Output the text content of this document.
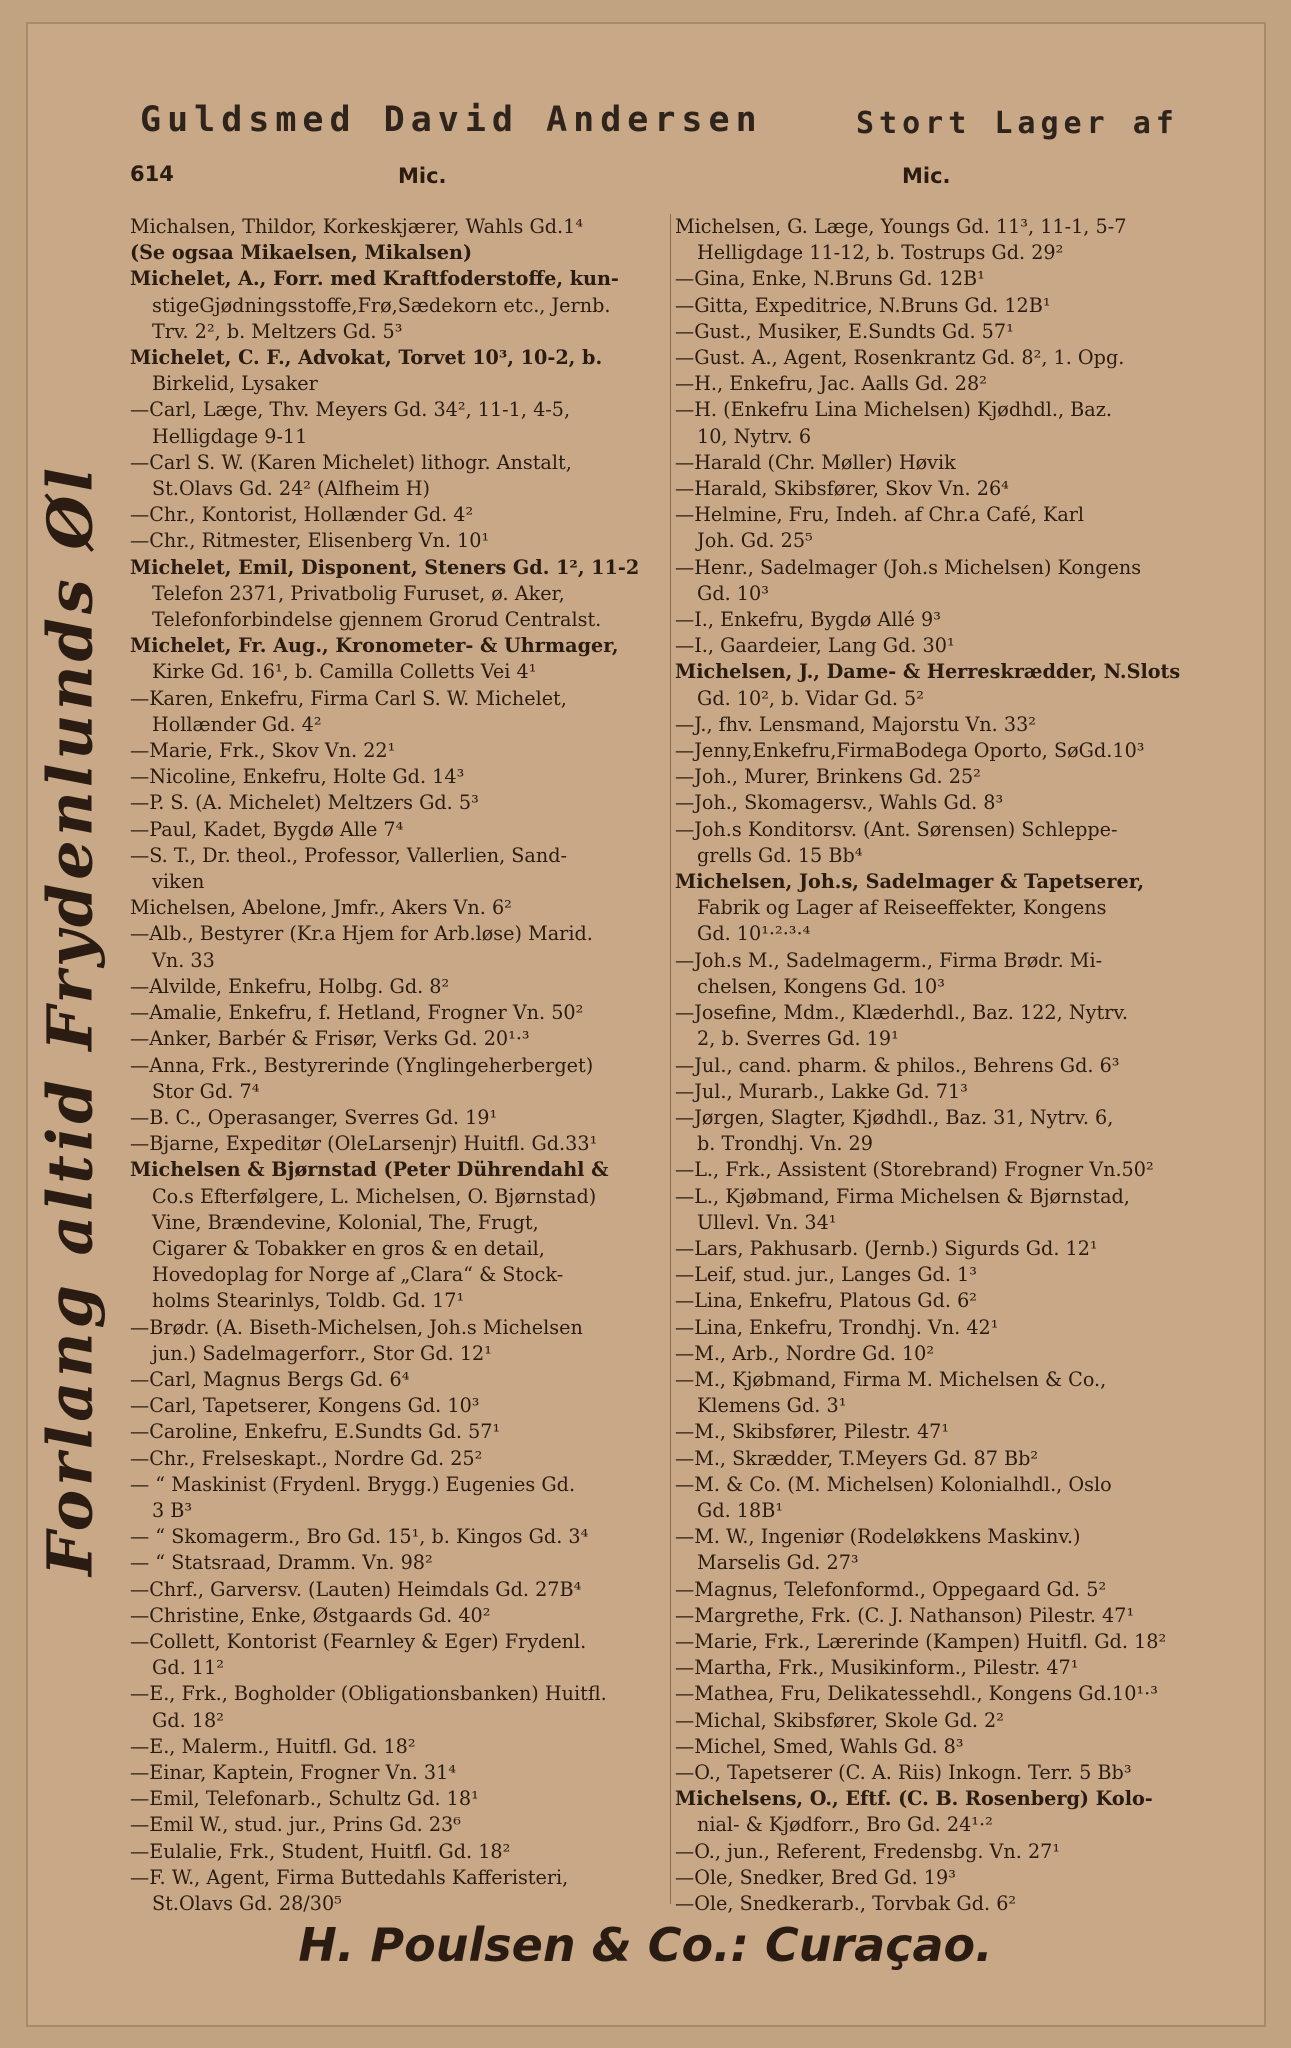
Guldsmed David Andersen	Stort Lager af
614	Mic.	Mic.
Forlang altid Frydenlunds Øl
Michalsen, Thildor, Korkeskjærer, Wahls Gd.1⁴
(Se ogsaa Mikaelsen, Mikalsen)
Michelet, A., Forr. med Kraftfoderstoffe, kun-
stigeGjødningsstoffe,Frø,Sædekorn etc., Jernb.
Trv. 2², b. Meltzers Gd. 5³
Michelet, C. F., Advokat, Torvet 10³, 10-2, b.
Birkelid, Lysaker
—Carl, Læge, Thv. Meyers Gd. 34², 11-1, 4-5,
Helligdage 9-11
—Carl S. W. (Karen Michelet) lithogr. Anstalt,
St.Olavs Gd. 24² (Alfheim H)
—Chr., Kontorist, Hollænder Gd. 4²
—Chr., Ritmester, Elisenberg Vn. 10¹
Michelet, Emil, Disponent, Steners Gd. 1², 11-2
Telefon 2371, Privatbolig Furuset, ø. Aker,
Telefonforbindelse gjennem Grorud Centralst.
Michelet, Fr. Aug., Kronometer- & Uhrmager,
Kirke Gd. 16¹, b. Camilla Colletts Vei 4¹
—Karen, Enkefru, Firma Carl S. W. Michelet,
Hollænder Gd. 4²
—Marie, Frk., Skov Vn. 22¹
—Nicoline, Enkefru, Holte Gd. 14³
—P. S. (A. Michelet) Meltzers Gd. 5³
—Paul, Kadet, Bygdø Alle 7⁴
—S. T., Dr. theol., Professor, Vallerlien, Sand-
viken
Michelsen, Abelone, Jmfr., Akers Vn. 6²
—Alb., Bestyrer (Kr.a Hjem for Arb.løse) Marid.
Vn. 33
—Alvilde, Enkefru, Holbg. Gd. 8²
—Amalie, Enkefru, f. Hetland, Frogner Vn. 50²
—Anker, Barbér & Frisør, Verks Gd. 20¹·³
—Anna, Frk., Bestyrerinde (Ynglingeherberget)
Stor Gd. 7⁴
—B. C., Operasanger, Sverres Gd. 19¹
—Bjarne, Expeditør (OleLarsenjr) Huitfl. Gd.33¹
Michelsen & Bjørnstad (Peter Dührendahl &
Co.s Efterfølgere, L. Michelsen, O. Bjørnstad)
Vine, Brændevine, Kolonial, The, Frugt,
Cigarer & Tobakker en gros & en detail,
Hovedoplag for Norge af „Clara“ & Stock-
holms Stearinlys, Toldb. Gd. 17¹
—Brødr. (A. Biseth-Michelsen, Joh.s Michelsen
jun.) Sadelmagerforr., Stor Gd. 12¹
—Carl, Magnus Bergs Gd. 6⁴
—Carl, Tapetserer, Kongens Gd. 10³
—Caroline, Enkefru, E.Sundts Gd. 57¹
—Chr., Frelseskapt., Nordre Gd. 25²
— “ Maskinist (Frydenl. Brygg.) Eugenies Gd.
3 B³
— “ Skomagerm., Bro Gd. 15¹, b. Kingos Gd. 3⁴
— “ Statsraad, Dramm. Vn. 98²
—Chrf., Garversv. (Lauten) Heimdals Gd. 27B⁴
—Christine, Enke, Østgaards Gd. 40²
—Collett, Kontorist (Fearnley & Eger) Frydenl.
Gd. 11²
—E., Frk., Bogholder (Obligationsbanken) Huitfl.
Gd. 18²
—E., Malerm., Huitfl. Gd. 18²
—Einar, Kaptein, Frogner Vn. 31⁴
—Emil, Telefonarb., Schultz Gd. 18¹
—Emil W., stud. jur., Prins Gd. 23⁶
—Eulalie, Frk., Student, Huitfl. Gd. 18²
—F. W., Agent, Firma Buttedahls Kafferisteri,
St.Olavs Gd. 28/30⁵
Michelsen, G. Læge, Youngs Gd. 11³, 11-1, 5-7
Helligdage 11-12, b. Tostrups Gd. 29²
—Gina, Enke, N.Bruns Gd. 12B¹
—Gitta, Expeditrice, N.Bruns Gd. 12B¹
—Gust., Musiker, E.Sundts Gd. 57¹
—Gust. A., Agent, Rosenkrantz Gd. 8², 1. Opg.
—H., Enkefru, Jac. Aalls Gd. 28²
—H. (Enkefru Lina Michelsen) Kjødhdl., Baz.
10, Nytrv. 6
—Harald (Chr. Møller) Høvik
—Harald, Skibsfører, Skov Vn. 26⁴
—Helmine, Fru, Indeh. af Chr.a Café, Karl
Joh. Gd. 25⁵
—Henr., Sadelmager (Joh.s Michelsen) Kongens
Gd. 10³
—I., Enkefru, Bygdø Allé 9³
—I., Gaardeier, Lang Gd. 30¹
Michelsen, J., Dame- & Herreskrædder, N.Slots
Gd. 10², b. Vidar Gd. 5²
—J., fhv. Lensmand, Majorstu Vn. 33²
—Jenny,Enkefru,FirmaBodega Oporto, SøGd.10³
—Joh., Murer, Brinkens Gd. 25²
—Joh., Skomagersv., Wahls Gd. 8³
—Joh.s Konditorsv. (Ant. Sørensen) Schleppe-
grells Gd. 15 Bb⁴
Michelsen, Joh.s, Sadelmager & Tapetserer,
Fabrik og Lager af Reiseeffekter, Kongens
Gd. 10¹·²·³·⁴
—Joh.s M., Sadelmagerm., Firma Brødr. Mi-
chelsen, Kongens Gd. 10³
—Josefine, Mdm., Klæderhdl., Baz. 122, Nytrv.
2, b. Sverres Gd. 19¹
—Jul., cand. pharm. & philos., Behrens Gd. 6³
—Jul., Murarb., Lakke Gd. 71³
—Jørgen, Slagter, Kjødhdl., Baz. 31, Nytrv. 6,
b. Trondhj. Vn. 29
—L., Frk., Assistent (Storebrand) Frogner Vn.50²
—L., Kjøbmand, Firma Michelsen & Bjørnstad,
Ullevl. Vn. 34¹
—Lars, Pakhusarb. (Jernb.) Sigurds Gd. 12¹
—Leif, stud. jur., Langes Gd. 1³
—Lina, Enkefru, Platous Gd. 6²
—Lina, Enkefru, Trondhj. Vn. 42¹
—M., Arb., Nordre Gd. 10²
—M., Kjøbmand, Firma M. Michelsen & Co.,
Klemens Gd. 3¹
—M., Skibsfører, Pilestr. 47¹
—M., Skrædder, T.Meyers Gd. 87 Bb²
—M. & Co. (M. Michelsen) Kolonialhdl., Oslo
Gd. 18B¹
—M. W., Ingeniør (Rodeløkkens Maskinv.)
Marselis Gd. 27³
—Magnus, Telefonformd., Oppegaard Gd. 5²
—Margrethe, Frk. (C. J. Nathanson) Pilestr. 47¹
—Marie, Frk., Lærerinde (Kampen) Huitfl. Gd. 18²
—Martha, Frk., Musikinform., Pilestr. 47¹
—Mathea, Fru, Delikatessehdl., Kongens Gd.10¹·³
—Michal, Skibsfører, Skole Gd. 2²
—Michel, Smed, Wahls Gd. 8³
—O., Tapetserer (C. A. Riis) Inkogn. Terr. 5 Bb³
Michelsens, O., Eftf. (C. B. Rosenberg) Kolo-
nial- & Kjødforr., Bro Gd. 24¹·²
—O., jun., Referent, Fredensbg. Vn. 27¹
—Ole, Snedker, Bred Gd. 19³
—Ole, Snedkerarb., Torvbak Gd. 6²
H. Poulsen & Co.: Curaçao.
